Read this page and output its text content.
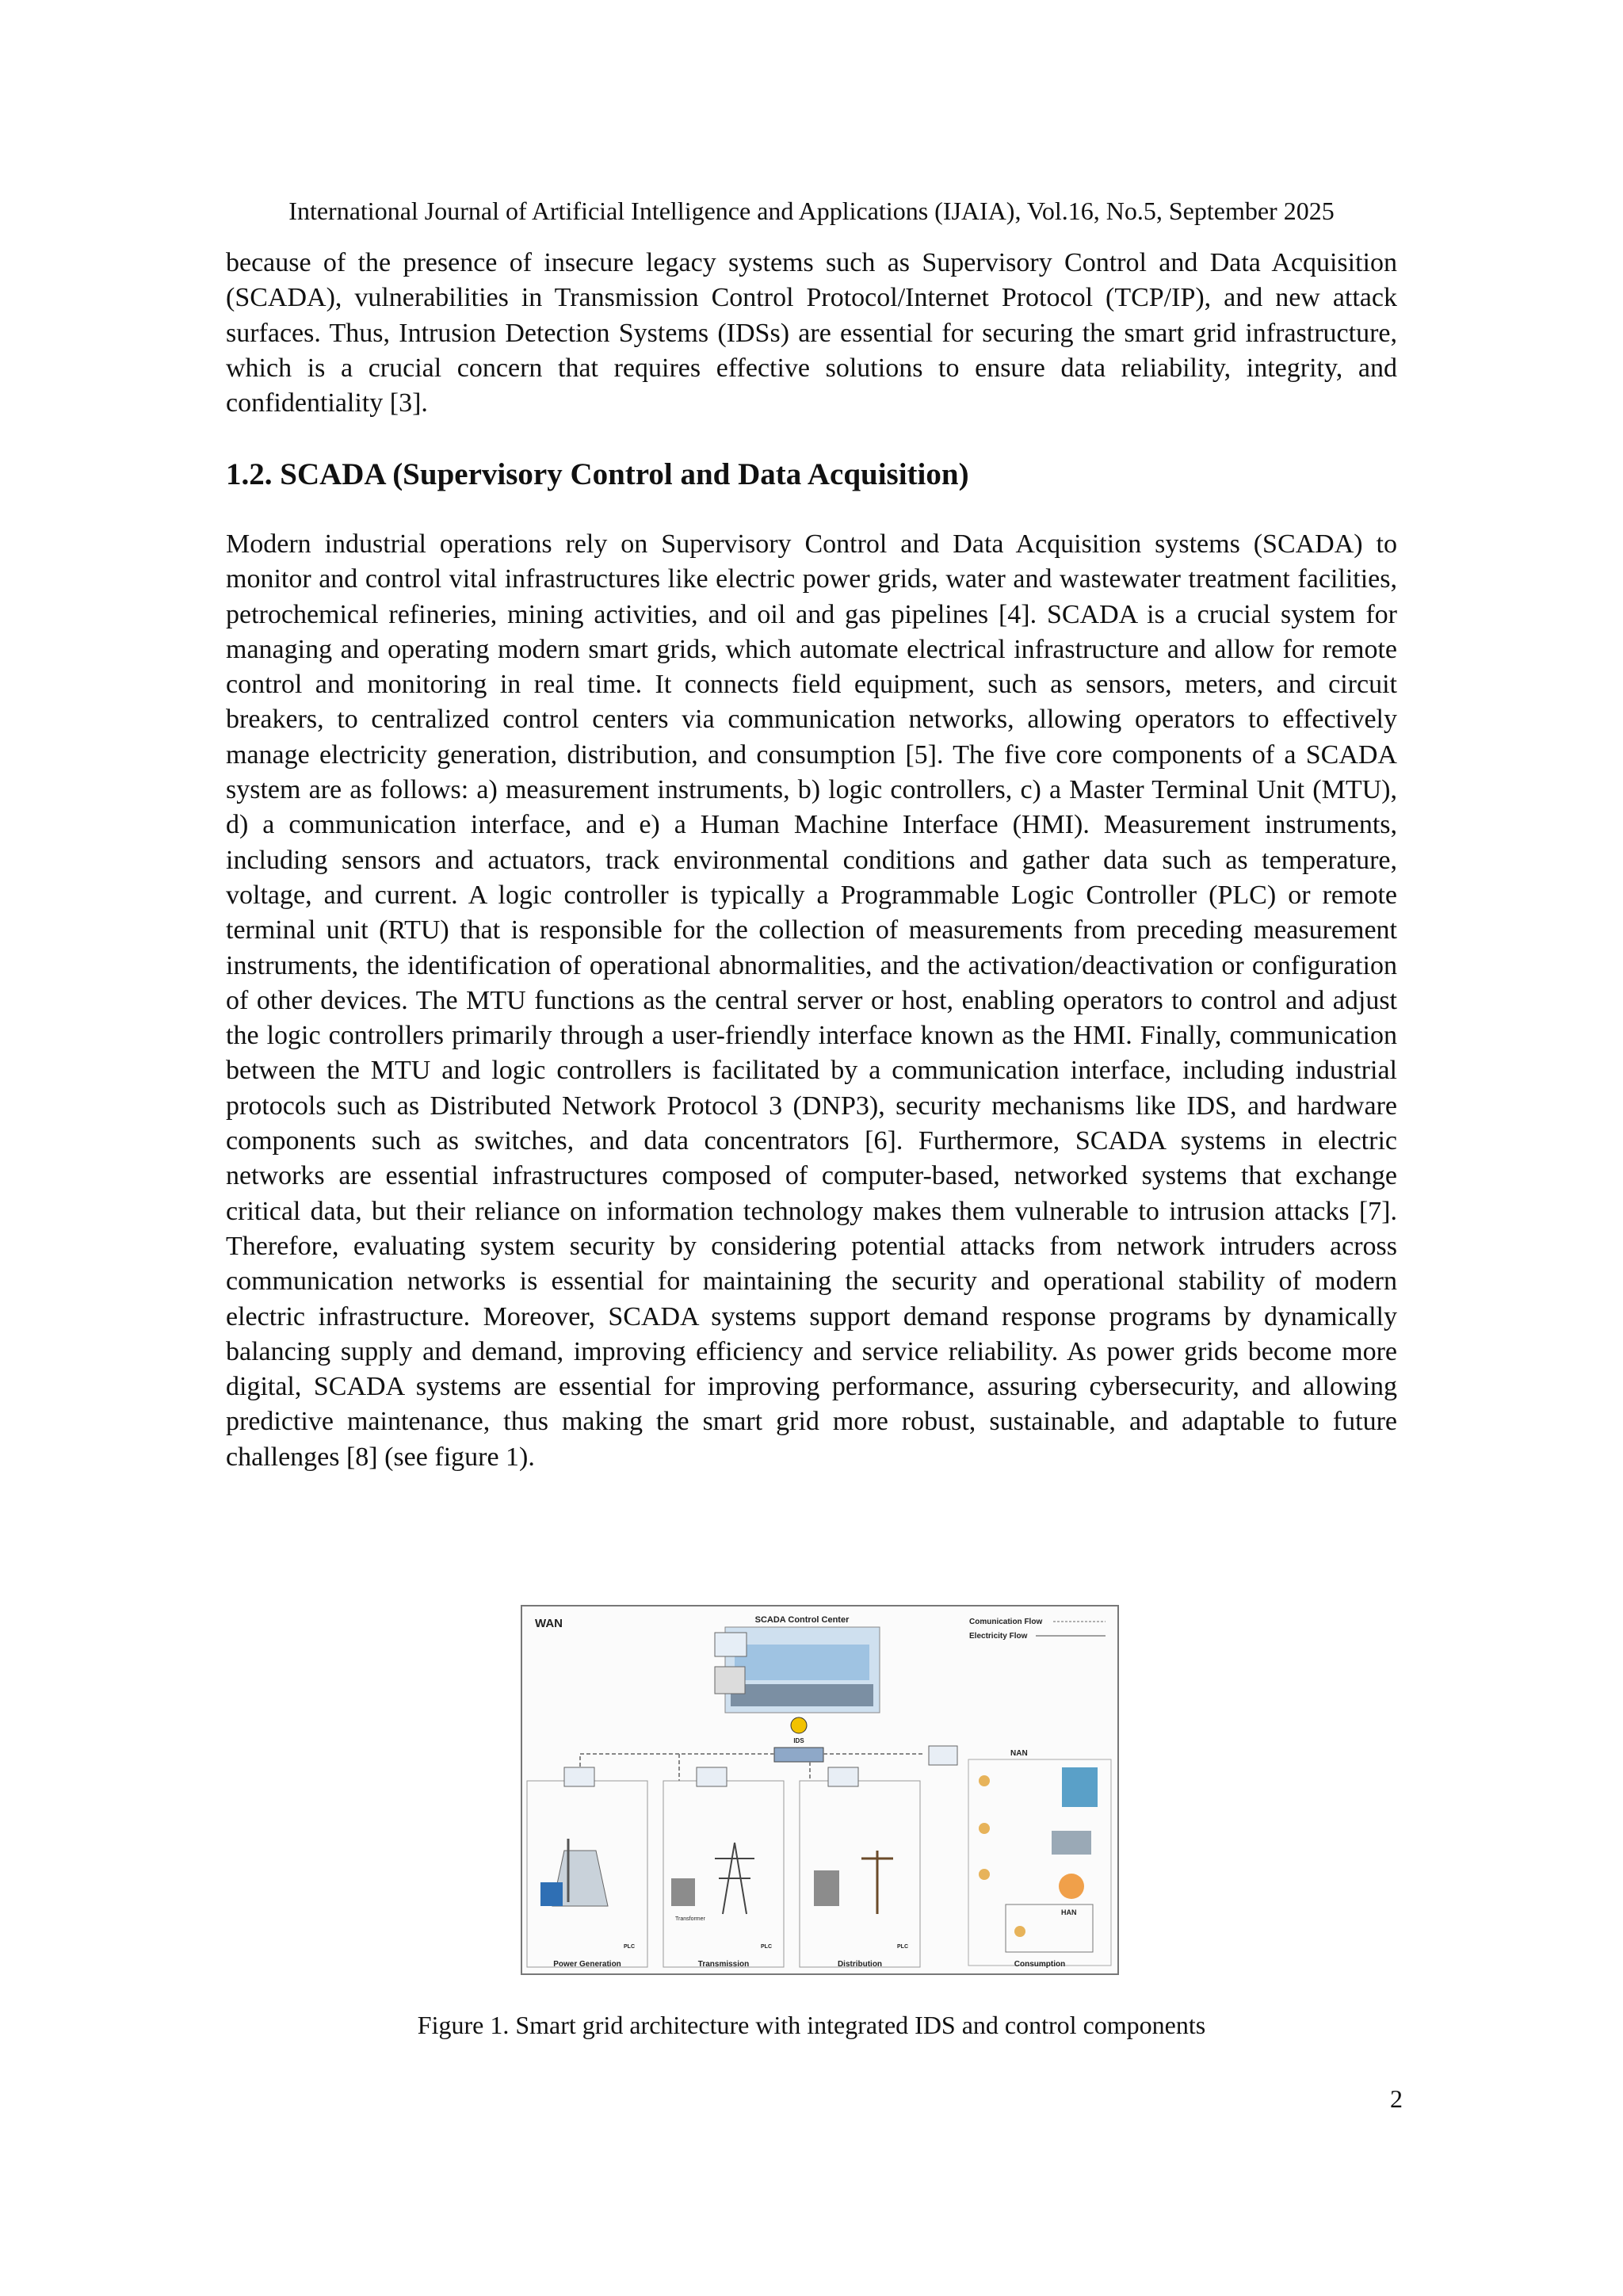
International Journal of Artificial Intelligence and Applications (IJAIA), Vol.16, No.5, September 2025

because of the presence of insecure legacy systems such as Supervisory Control and Data Acquisition (SCADA), vulnerabilities in Transmission Control Protocol/Internet Protocol (TCP/IP), and new attack surfaces. Thus, Intrusion Detection Systems (IDSs) are essential for securing the smart grid infrastructure, which is a crucial concern that requires effective solutions to ensure data reliability, integrity, and confidentiality [3].

1.2. SCADA (Supervisory Control and Data Acquisition)

Modern industrial operations rely on Supervisory Control and Data Acquisition systems (SCADA) to monitor and control vital infrastructures like electric power grids, water and wastewater treatment facilities, petrochemical refineries, mining activities, and oil and gas pipelines [4]. SCADA is a crucial system for managing and operating modern smart grids, which automate electrical infrastructure and allow for remote control and monitoring in real time. It connects field equipment, such as sensors, meters, and circuit breakers, to centralized control centers via communication networks, allowing operators to effectively manage electricity generation, distribution, and consumption [5]. The five core components of a SCADA system are as follows: a) measurement instruments, b) logic controllers, c) a Master Terminal Unit (MTU), d) a communication interface, and e) a Human Machine Interface (HMI). Measurement instruments, including sensors and actuators, track environmental conditions and gather data such as temperature, voltage, and current. A logic controller is typically a Programmable Logic Controller (PLC) or remote terminal unit (RTU) that is responsible for the collection of measurements from preceding measurement instruments, the identification of operational abnormalities, and the activation/deactivation or configuration of other devices. The MTU functions as the central server or host, enabling operators to control and adjust the logic controllers primarily through a user-friendly interface known as the HMI. Finally, communication between the MTU and logic controllers is facilitated by a communication interface, including industrial protocols such as Distributed Network Protocol 3 (DNP3), security mechanisms like IDS, and hardware components such as switches, and data concentrators [6]. Furthermore, SCADA systems in electric networks are essential infrastructures composed of computer-based, networked systems that exchange critical data, but their reliance on information technology makes them vulnerable to intrusion attacks [7]. Therefore, evaluating system security by considering potential attacks from network intruders across communication networks is essential for maintaining the security and operational stability of modern electric infrastructure. Moreover, SCADA systems support demand response programs by dynamically balancing supply and demand, improving efficiency and service reliability. As power grids become more digital, SCADA systems are essential for improving performance, assuring cybersecurity, and allowing predictive maintenance, thus making the smart grid more robust, sustainable, and adaptable to future challenges [8] (see figure 1).

WAN	SCADA Control Center	Comunication Flow
Electricity Flow
IDS
NAN
HAN
Transformer
PLC	PLC	PLC
Power Generation	Transmission	Distribution	Consumption
Figure 1. Smart grid architecture with integrated IDS and control components
2
